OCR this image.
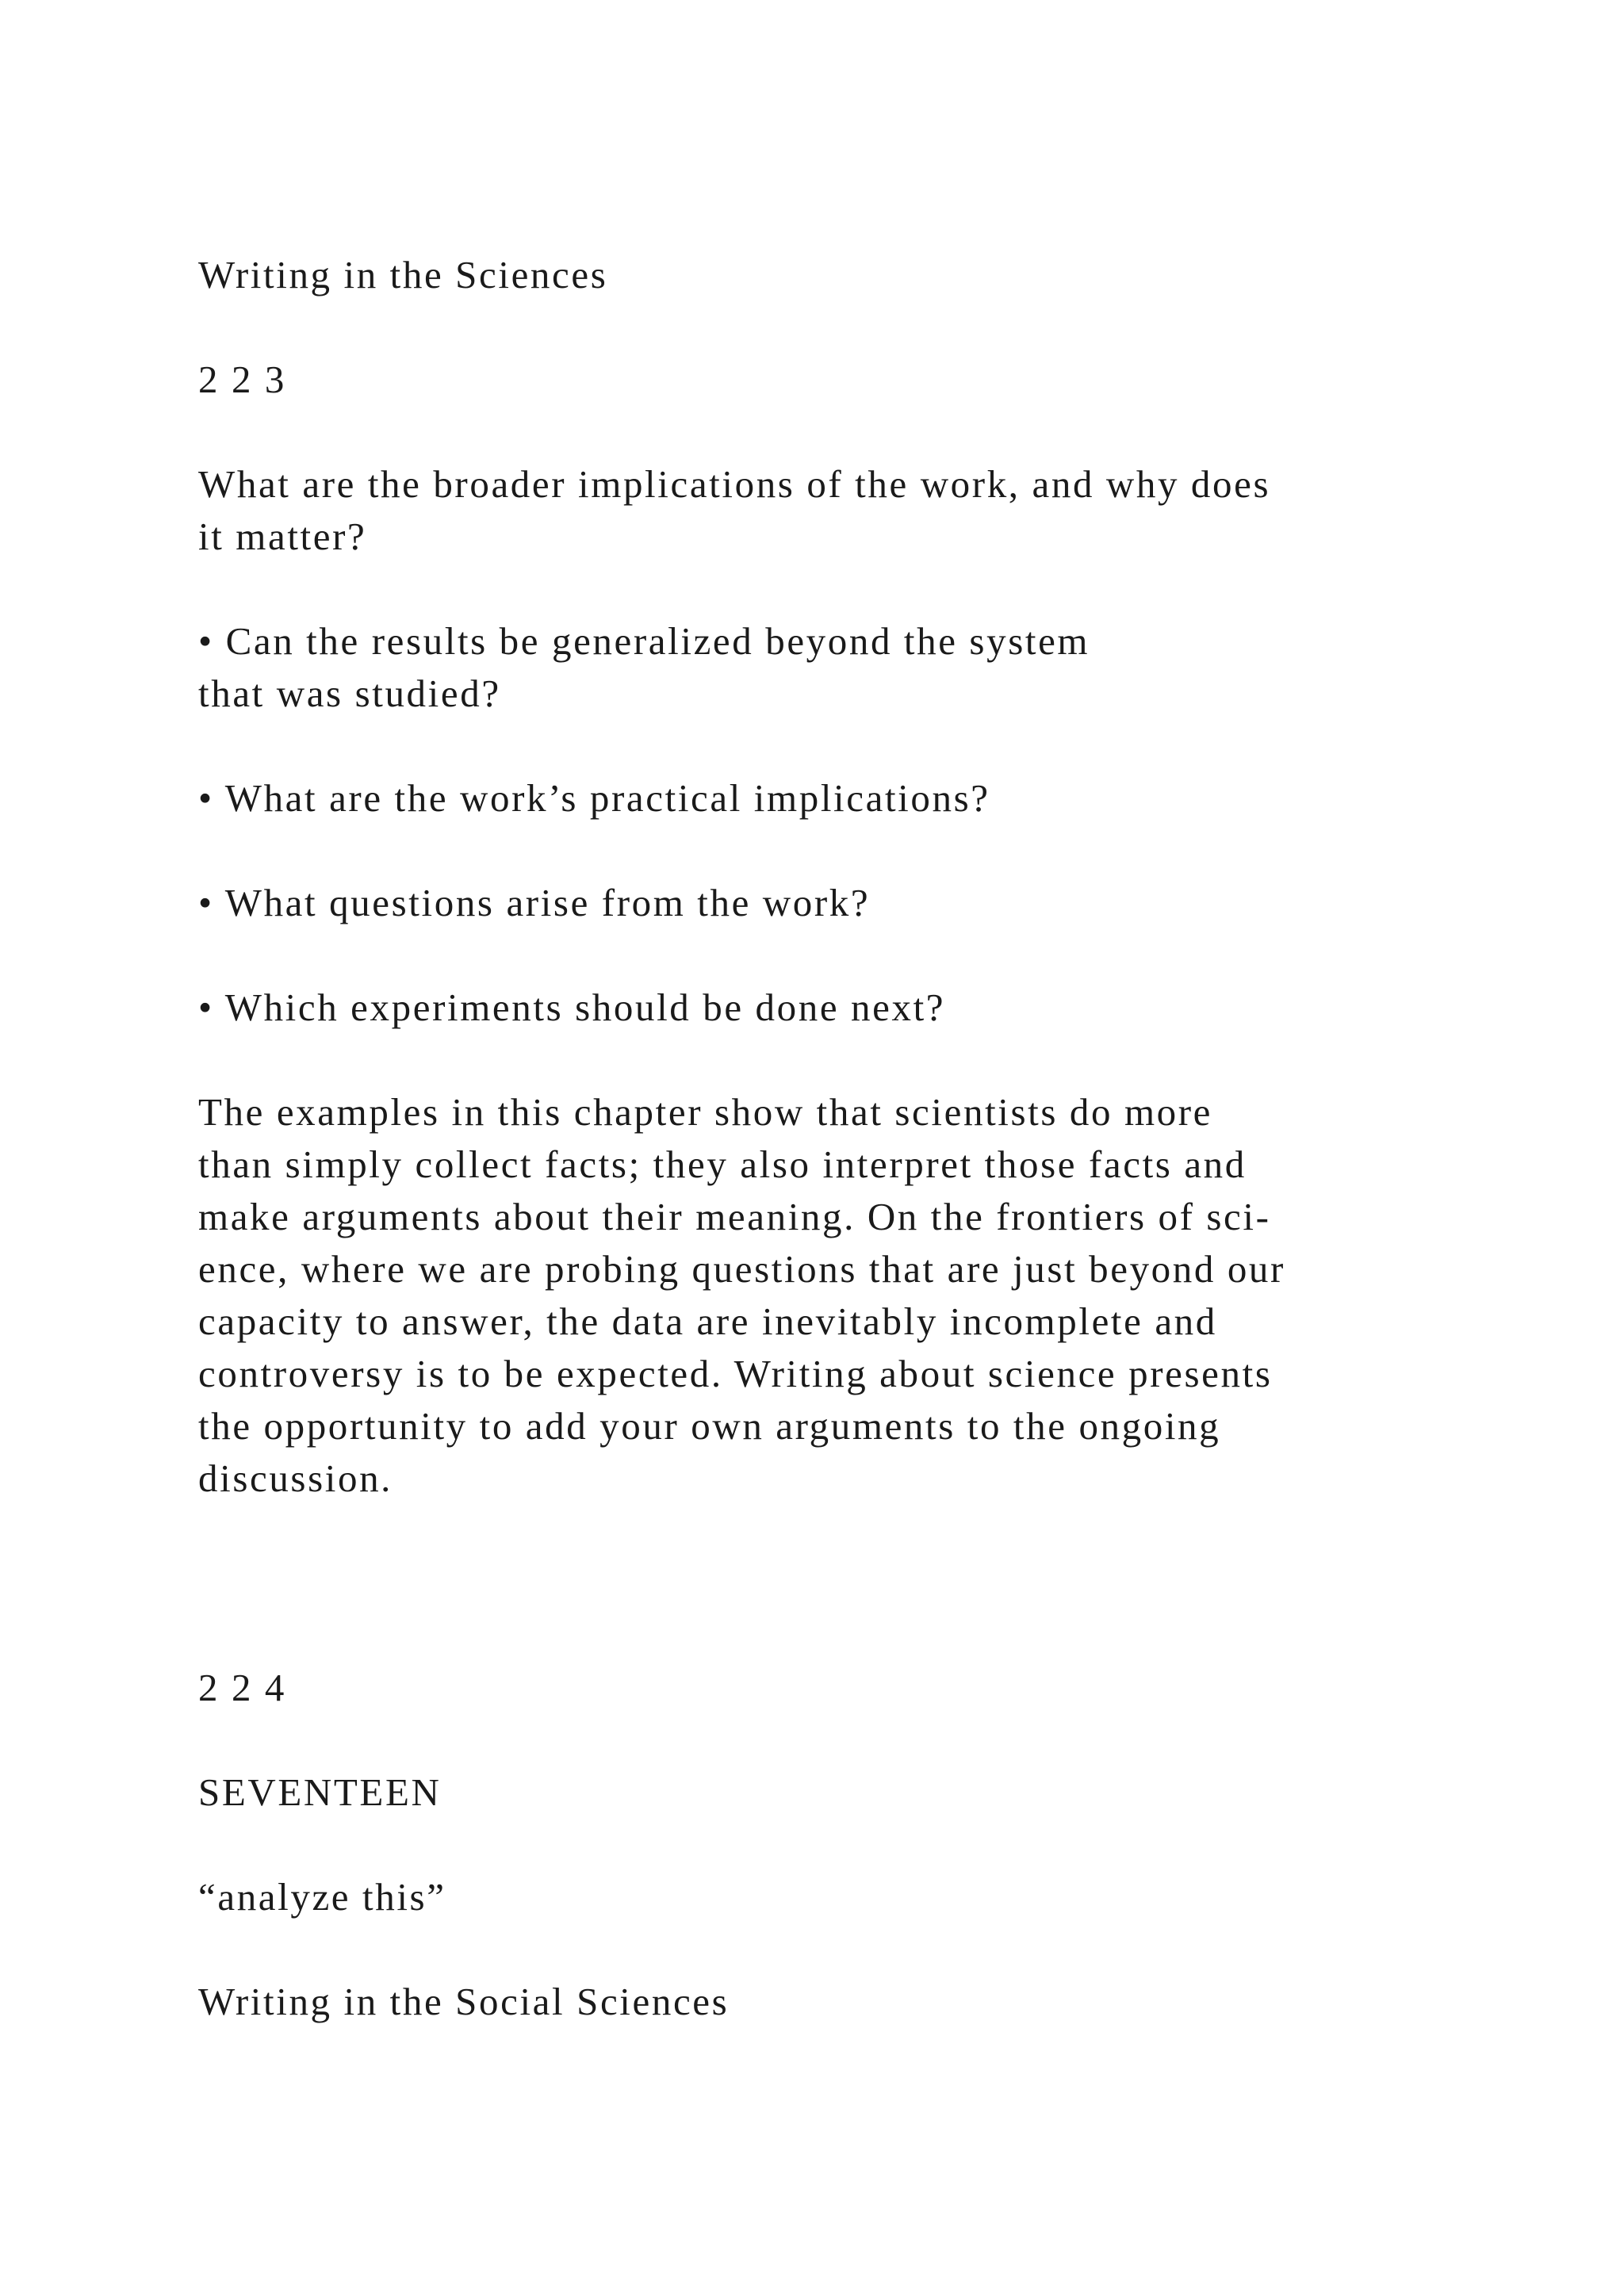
Writing in the Sciences

2 2 3

What are the broader implications of the work, and why does

it matter?

• Can the results be generalized beyond the system

that was studied?

• What are the work’s practical implications?

• What questions arise from the work?

• Which experiments should be done next?

The examples in this chapter show that scientists do more

than simply collect facts; they also interpret those facts and

make arguments about their meaning. On the frontiers of sci-

ence, where we are probing questions that are just beyond our

capacity to answer, the data are inevitably incomplete and

controversy is to be expected. Writing about science presents

the opportunity to add your own arguments to the ongoing

discussion.

2 2 4

SEVENTEEN

“analyze this”

Writing in the Social Sciences
